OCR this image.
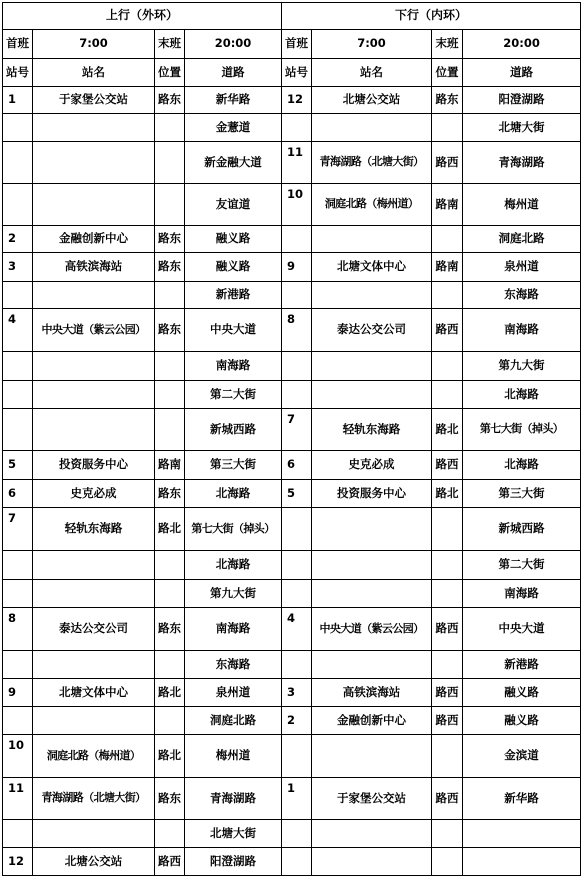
上行（外环）				下行（内环）			
首班	7:00	末班	20:00	首班	7:00	末班	20:00
站号	站名	位置	道路	站号	站名	位置	道路
1	于家堡公交站	路东	新华路	12	北塘公交站	路东	阳澄湖路
			金薏道				北塘大街
			新金融大道	11	青海湖路（北塘大街）	路西	青海湖路
			友谊道	10	洞庭北路（梅州道）	路南	梅州道
2	金融创新中心	路东	融义路				洞庭北路
3	高铁滨海站	路东	融义路	9	北塘文体中心	路南	泉州道
			新港路				东海路
4	中央大道（紫云公园）	路东	中央大道	8	泰达公交公司	路西	南海路
			南海路				第九大街
			第二大街				北海路
			新城西路	7	轻轨东海路	路北	第七大街（掉头）
5	投资服务中心	路南	第三大街	6	史克必成	路西	北海路
6	史克必成	路东	北海路	5	投资服务中心	路北	第三大街
7	轻轨东海路	路北	第七大街（掉头）				新城西路
			北海路				第二大街
			第九大街				南海路
8	泰达公交公司	路东	南海路	4	中央大道（紫云公园）	路西	中央大道
			东海路				新港路
9	北塘文体中心	路北	泉州道	3	高铁滨海站	路西	融义路
			洞庭北路	2	金融创新中心	路西	融义路
10	洞庭北路（梅州道）	路北	梅州道				金滨道
11	青海湖路（北塘大街）	路东	青海湖路	1	于家堡公交站	路西	新华路
			北塘大街				
12	北塘公交站	路西	阳澄湖路				
